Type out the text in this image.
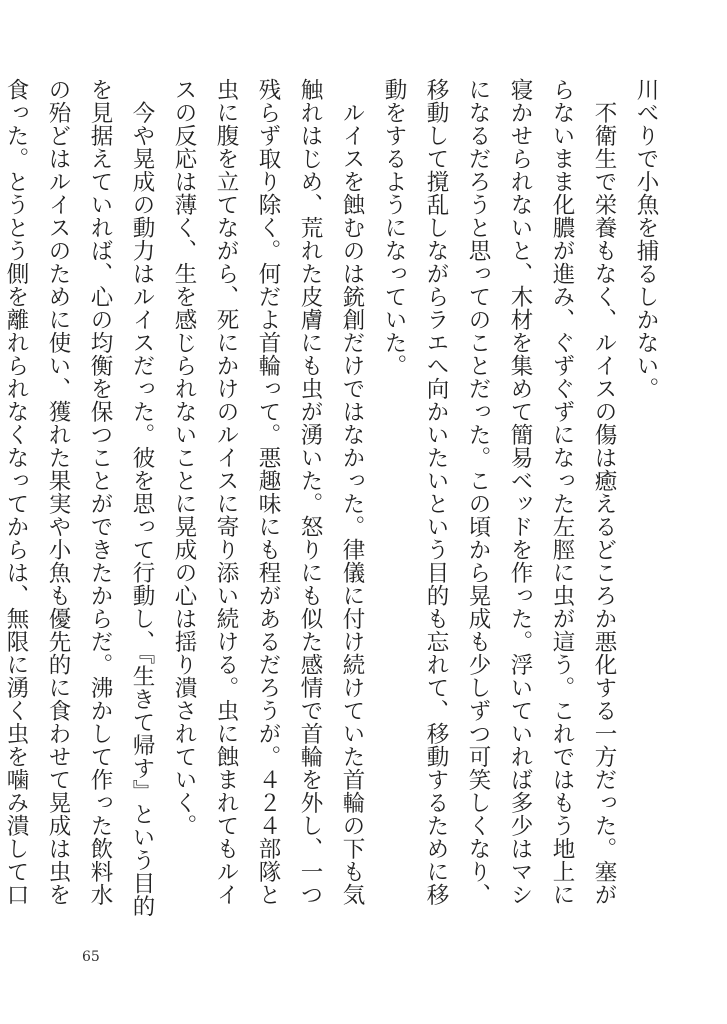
川べりで小魚を捕るしかない。

　不衛生で栄養もなく、ルイスの傷は癒えるどころか悪化する一方だった。塞がらないまま化膿が進み、ぐずぐずになった左脛に虫が這う。これではもう地上に寝かせられないと、木材を集めて簡易ベッドを作った。浮いていれば多少はマシになるだろうと思ってのことだった。この頃から晃成も少しずつ可笑しくなり、移動して撹乱しながらラエへ向かいたいという目的も忘れて、移動するために移動をするようになっていた。

　ルイスを蝕むのは銃創だけではなかった。律儀に付け続けていた首輪の下も気触れはじめ、荒れた皮膚にも虫が湧いた。怒りにも似た感情で首輪を外し、一つ残らず取り除く。何だよ首輪って。悪趣味にも程があるだろうが。４２４部隊と虫に腹を立てながら、死にかけのルイスに寄り添い続ける。虫に蝕まれてもルイスの反応は薄く、生を感じられないことに晃成の心は揺り潰されていく。

　今や晃成の動力はルイスだった。彼を思って行動し、『生きて帰す』という目的を見据えていれば、心の均衡を保つことができたからだ。沸かして作った飲料水の殆どはルイスのために使い、獲れた果実や小魚も優先的に食わせて晃成は虫を食った。とうとう側を離れられなくなってからは、無限に湧く虫を噛み潰して口

65
